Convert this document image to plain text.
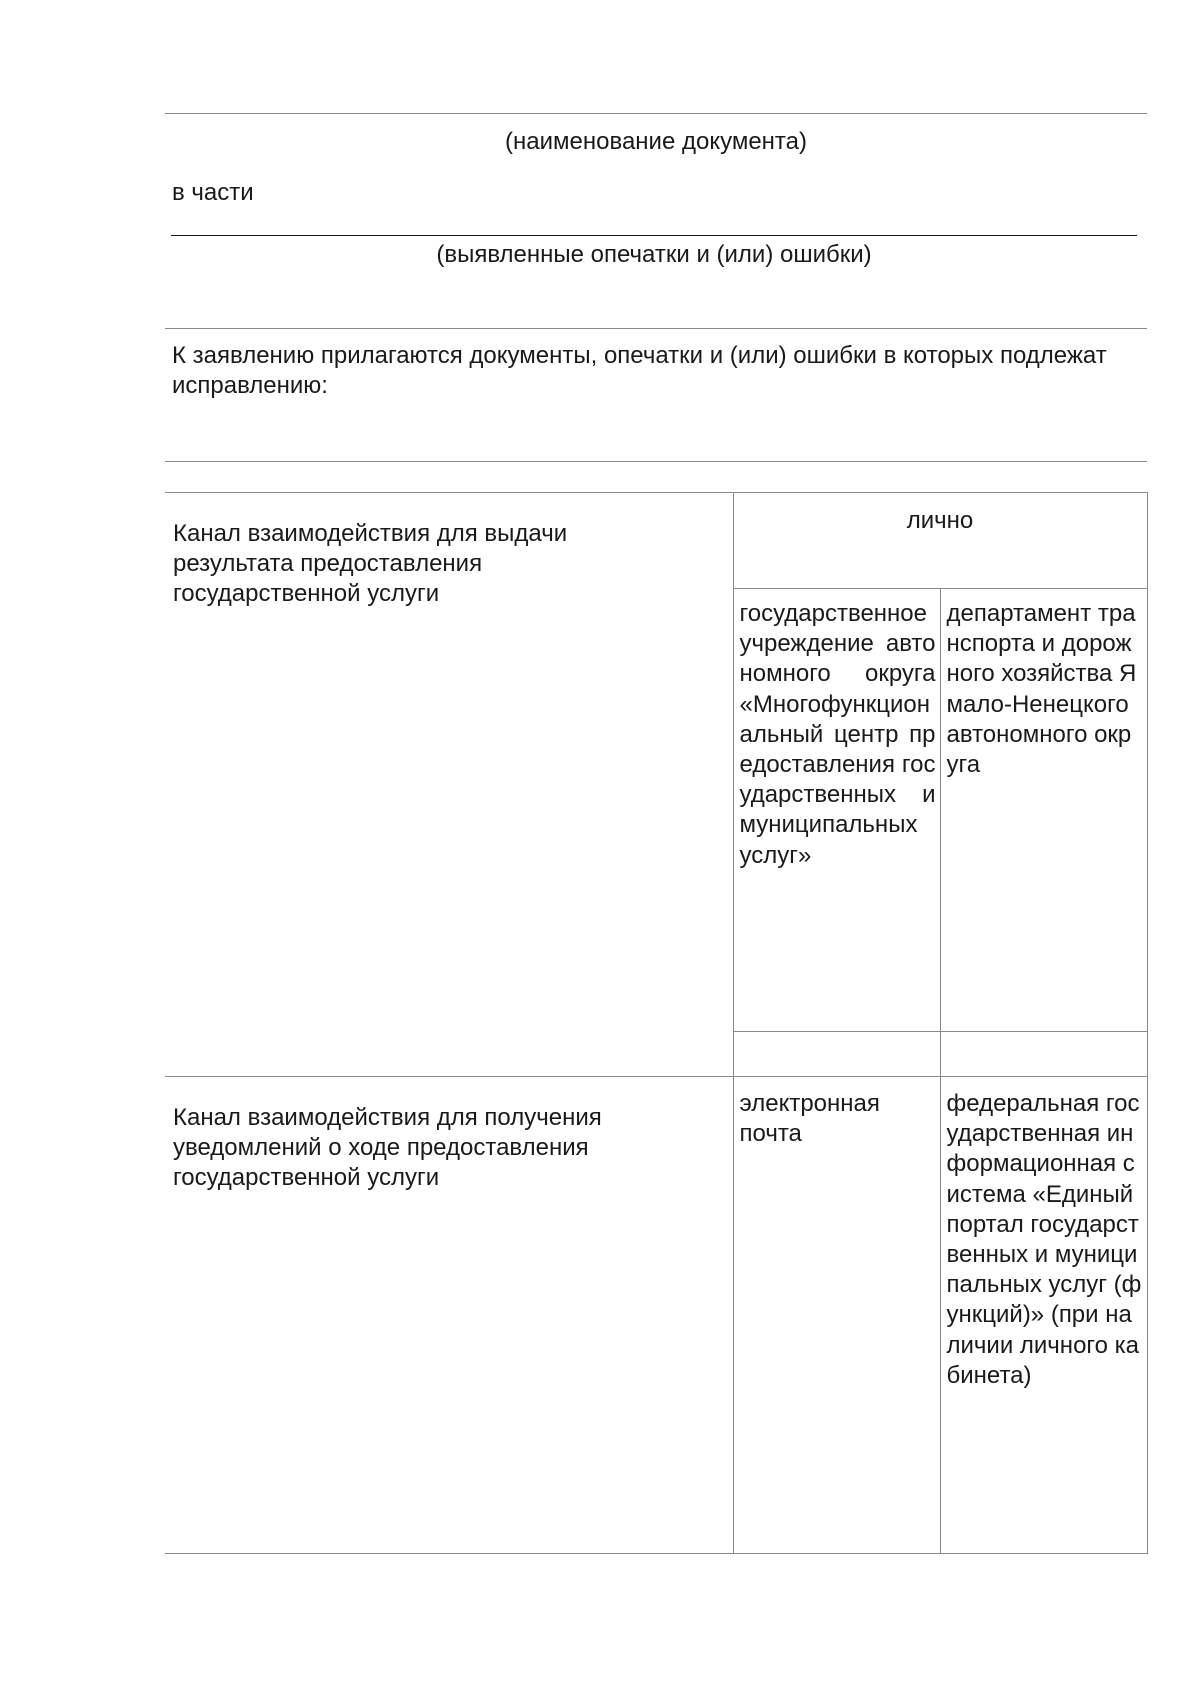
(наименование документа)
в части
(выявленные опечатки и (или) ошибки)
К заявлению прилагаются документы, опечатки и (или) ошибки в которых подлежат исправлению:
Канал взаимодействия для выдачи результата предоставления государственной услуги	лично	
	государственное учреждение автономного округа «Многофункциональный центр предоставления государственных и муниципальных услуг»	департамент транспорта и дорожного хозяйства Ямало-Ненецкого автономного округа

Канал взаимодействия для получения уведомлений о ходе предоставления государственной услуги	электронная почта	федеральная государственная информационная система «Единый портал государственных и муниципальных услуг (функций)» (при наличии личного кабинета)
